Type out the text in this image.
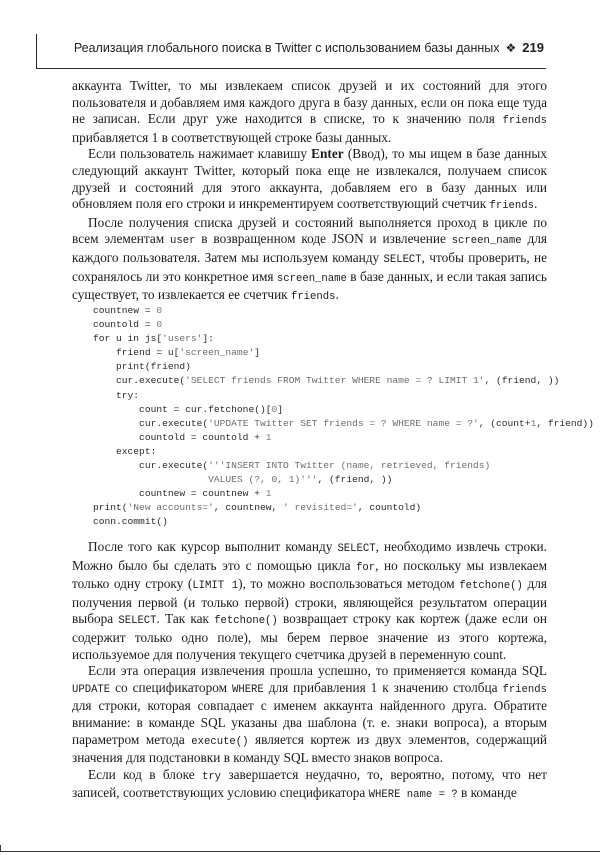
Реализация глобального поиска в Twitter с использованием базы данных ❖ 219

аккаунта Twitter, то мы извлекаем список друзей и их состояний для этого пользователя и добавляем имя каждого друга в базу данных, если он пока еще туда не записан. Если друг уже находится в списке, то к значению поля friends прибавляется 1 в соответствующей строке базы данных.

Если пользователь нажимает клавишу Enter (Ввод), то мы ищем в базе данных следующий аккаунт Twitter, который пока еще не извлекался, получаем список друзей и состояний для этого аккаунта, добавляем его в базу данных или обновляем поля его строки и инкрементируем соответствующий счетчик friends.

После получения списка друзей и состояний выполняется проход в цикле по всем элементам user в возвращенном коде JSON и извлечение screen_name для каждого пользователя. Затем мы используем команду SELECT, чтобы проверить, не сохранялось ли это конкретное имя screen_name в базе данных, и если такая запись существует, то извлекается ее счетчик friends.

countnew = 0
countold = 0
for u in js['users']:
friend = u['screen_name']
print(friend)
cur.execute('SELECT friends FROM Twitter WHERE name = ? LIMIT 1', (friend, ))
try:
count = cur.fetchone()[0]
cur.execute('UPDATE Twitter SET friends = ? WHERE name = ?', (count+1, friend))
countold = countold + 1
except:
cur.execute('''INSERT INTO Twitter (name, retrieved, friends)
VALUES (?, 0, 1)''', (friend, ))
countnew = countnew + 1
print('New accounts=', countnew, ' revisited=', countold)
conn.commit()

После того как курсор выполнит команду SELECT, необходимо извлечь строки. Можно было бы сделать это с помощью цикла for, но поскольку мы извлекаем только одну строку (LIMIT 1), то можно воспользоваться методом fetchone() для получения первой (и только первой) строки, являющейся результатом операции выбора SELECT. Так как fetchone() возвращает строку как кортеж (даже если он содержит только одно поле), мы берем первое значение из этого кортежа, используемое для получения текущего счетчика друзей в переменную count.

Если эта операция извлечения прошла успешно, то применяется команда SQL UPDATE со спецификатором WHERE для прибавления 1 к значению столбца friends для строки, которая совпадает с именем аккаунта найденного друга. Обратите внимание: в команде SQL указаны два шаблона (т. е. знаки вопроса), а вторым параметром метода execute() является кортеж из двух элементов, содержащий значения для подстановки в команду SQL вместо знаков вопроса.

Если код в блоке try завершается неудачно, то, вероятно, потому, что нет записей, соответствующих условию спецификатора WHERE name = ? в команде
